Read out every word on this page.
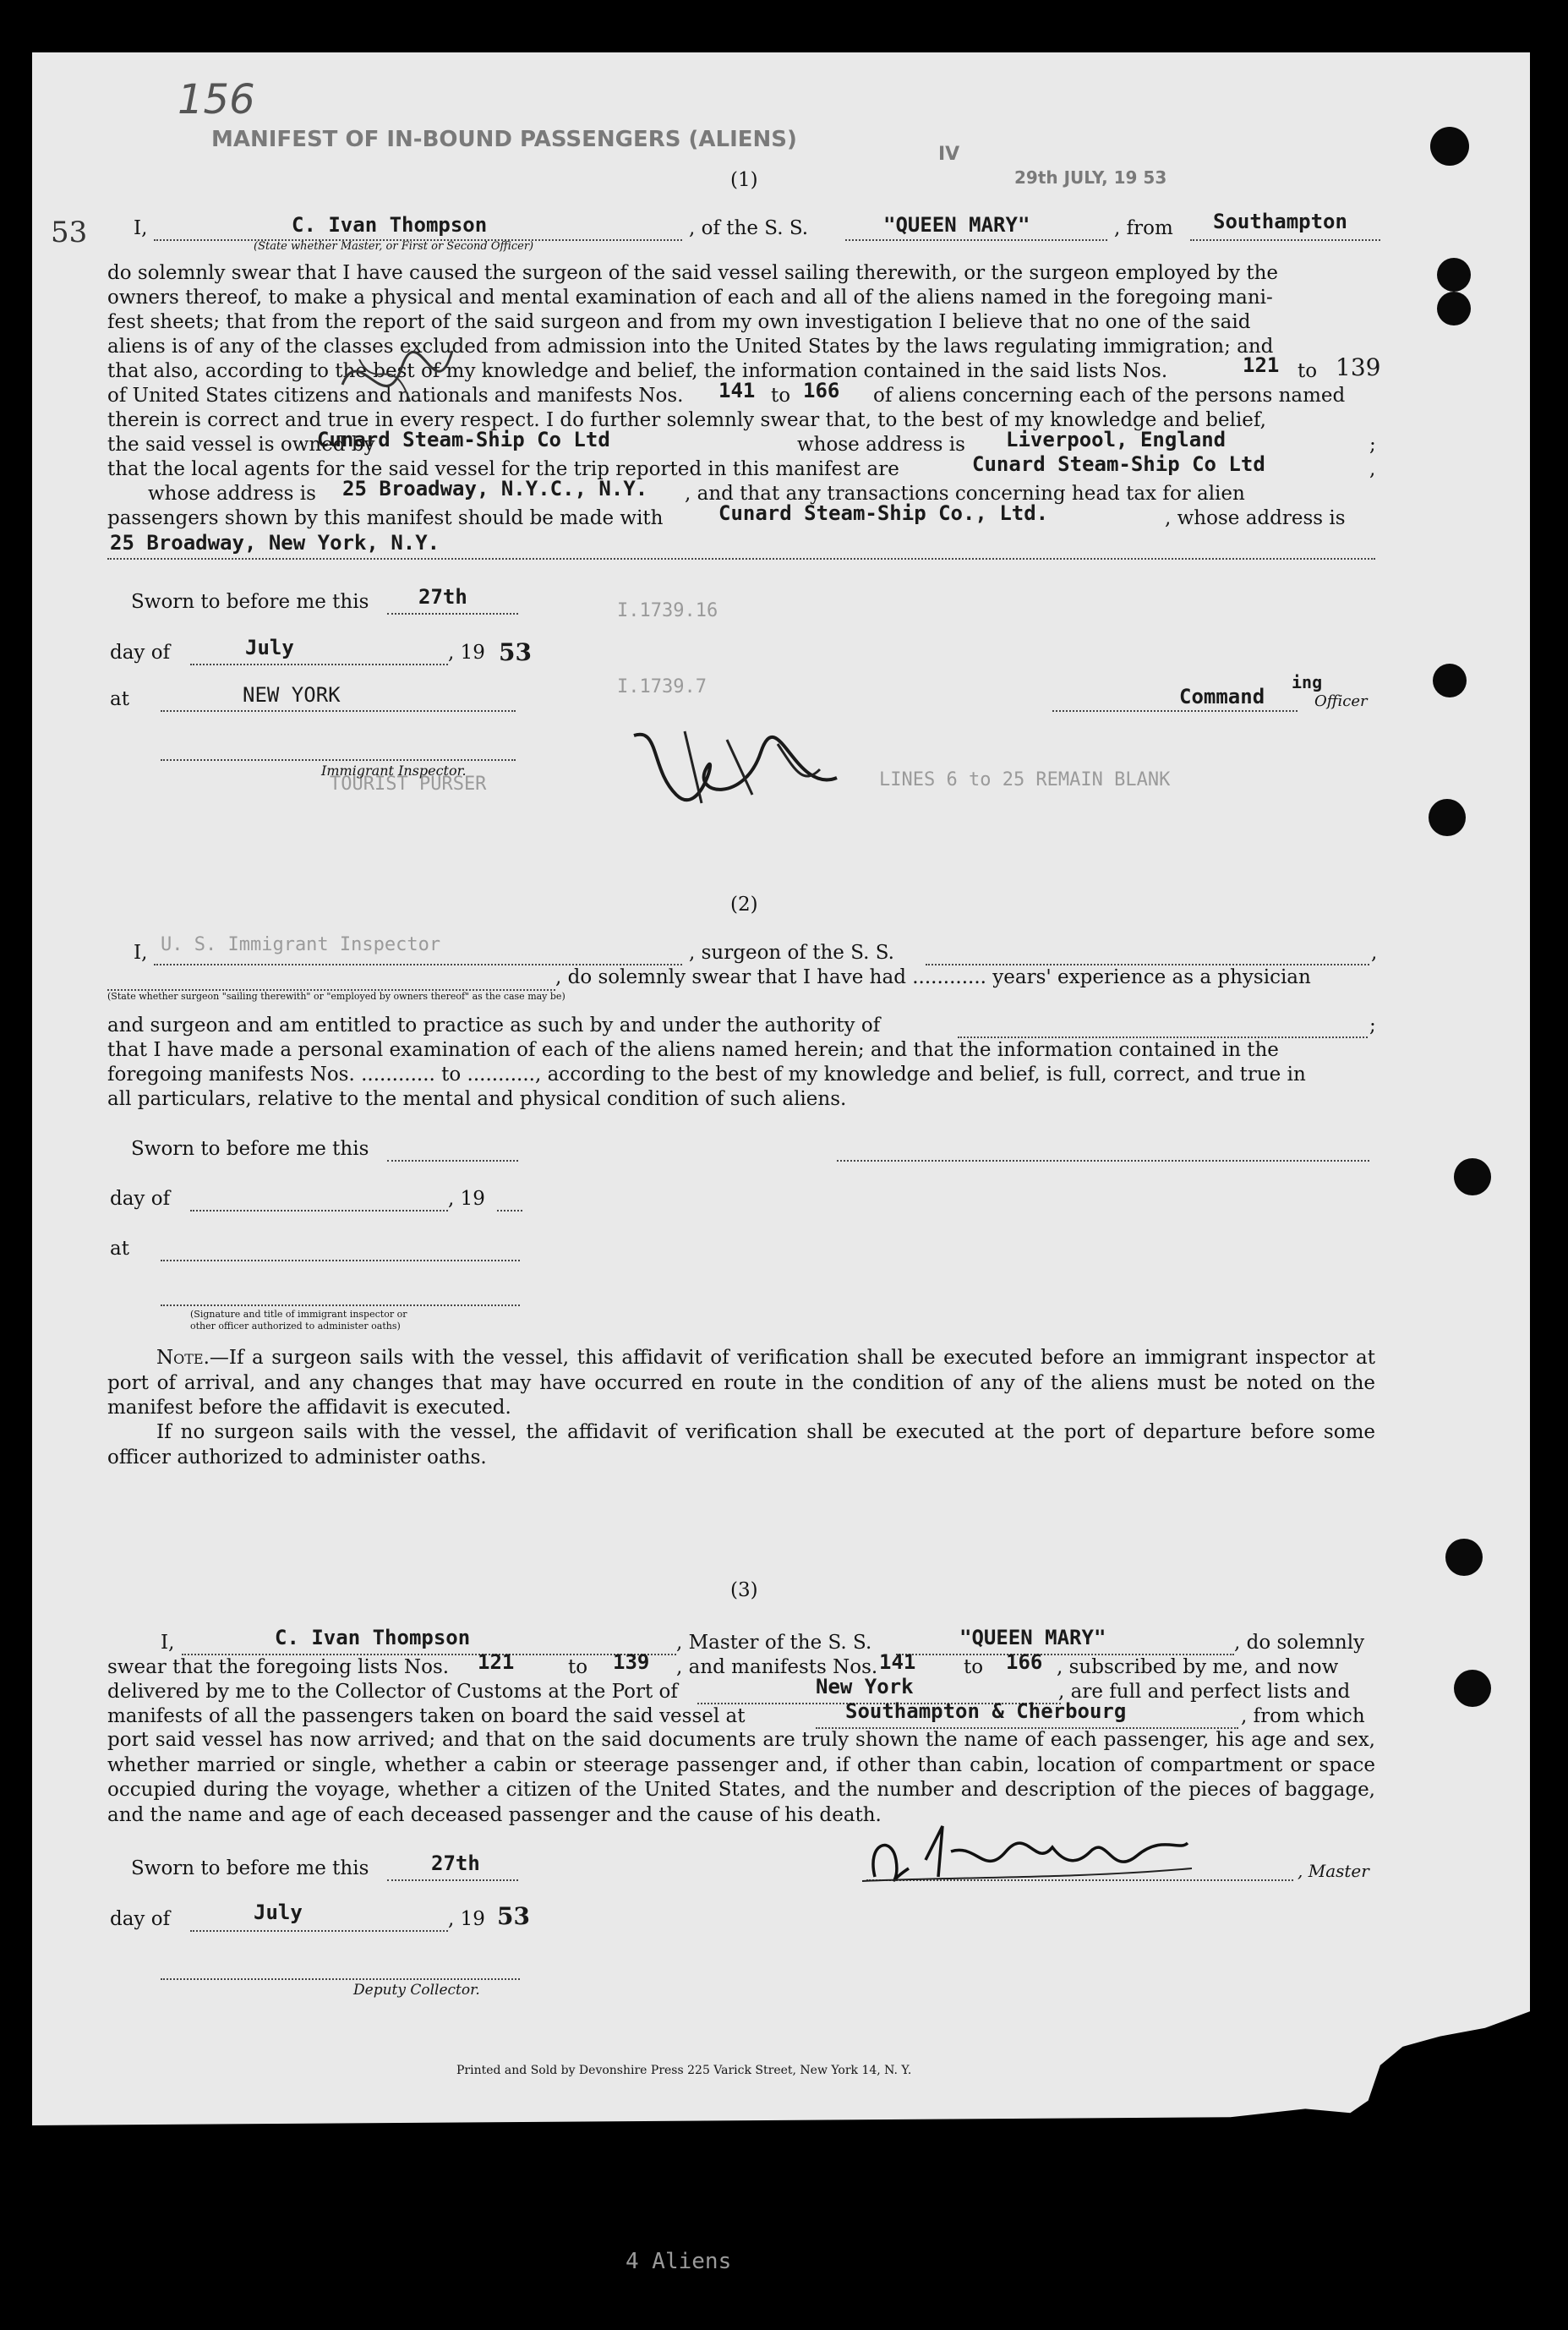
156
MANIFEST OF IN-BOUND PASSENGERS (ALIENS)
IV
29th JULY, 19 53
53
(1)
I,	C. Ivan Thompson
(State whether Master, or First or Second Officer)
, of the S. S.	"QUEEN MARY"	, from Southampton
do solemnly swear that I have caused the surgeon of the said vessel sailing therewith, or the surgeon employed by the
owners thereof, to make a physical and mental examination of each and all of the aliens named in the foregoing mani-
fest sheets; that from the report of the said surgeon and from my own investigation I believe that no one of the said
aliens is of any of the classes excluded from admission into the United States by the laws regulating immigration; and
that also, according to the best of my knowledge and belief, the information contained in the said lists Nos.	121 to 139
of United States citizens and nationals and manifests Nos. 141 to 166 of aliens concerning each of the persons named
therein is correct and true in every respect. I do further solemnly swear that, to the best of my knowledge and belief,
the said vessel is owned by
Cunard Steam-Ship Co Ltd	whose address is Liverpool, England	;
that the local agents for the said vessel for the trip reported in this manifest are	Cunard Steam-Ship Co Ltd	,
whose address is 25 Broadway, N.Y.C., N.Y. , and that any transactions concerning head tax for alien
passengers shown by this manifest should be made with	Cunard Steam-Ship Co., Ltd.	, whose address is
25 Broadway, New York, N.Y.
I.1739.16
I.1739.7
LINES 6 to 25 REMAIN BLANK
TOURIST PURSER
U. S. Immigrant Inspector
4 Aliens
Sworn to before me this 27th
day of	July	, 19 53
at	NEW YORK	Command
ing
Officer
Immigrant Inspector.
(2)
I,	, surgeon of the S. S.	,
, do solemnly swear that I have had ............ years' experience as a physician
(State whether surgeon "sailing therewith" or "employed by owners thereof" as the case may be)
and surgeon and am entitled to practice as such by and under the authority of	;
that I have made a personal examination of each of the aliens named herein; and that the information contained in the
foregoing manifests Nos. ............ to ..........., according to the best of my knowledge and belief, is full, correct, and true in
all particulars, relative to the mental and physical condition of such aliens.
Sworn to before me this
day of	, 19
at
(Signature and title of immigrant inspector or
other officer authorized to administer oaths)
Note.—If a surgeon sails with the vessel, this affidavit of verification shall be executed before an immigrant inspector at port of arrival, and any changes that may have occurred en route in the condition of any of the aliens must be noted on the manifest before the affidavit is executed.
If no surgeon sails with the vessel, the affidavit of verification shall be executed at the port of departure before some officer authorized to administer oaths.
(3)
I,	C. Ivan Thompson	, Master of the S. S.	"QUEEN MARY"	, do solemnly
swear that the foregoing lists Nos. 121	to 139 , and manifests Nos. 141 to 166 , subscribed by me, and now
delivered by me to the Collector of Customs at the Port of	New York	, are full and perfect lists and
manifests of all the passengers taken on board the said vessel at	Southampton & Cherbourg	, from which
port said vessel has now arrived; and that on the said documents are truly shown the name of each passenger, his age and sex, whether married or single, whether a cabin or steerage passenger and, if other than cabin, location of compartment or space occupied during the voyage, whether a citizen of the United States, and the number and description of the pieces of baggage, and the name and age of each deceased passenger and the cause of his death.
Sworn to before me this	27th	, Master
day of	July	, 19 53
Deputy Collector.
Printed and Sold by Devonshire Press 225 Varick Street, New York 14, N. Y.
